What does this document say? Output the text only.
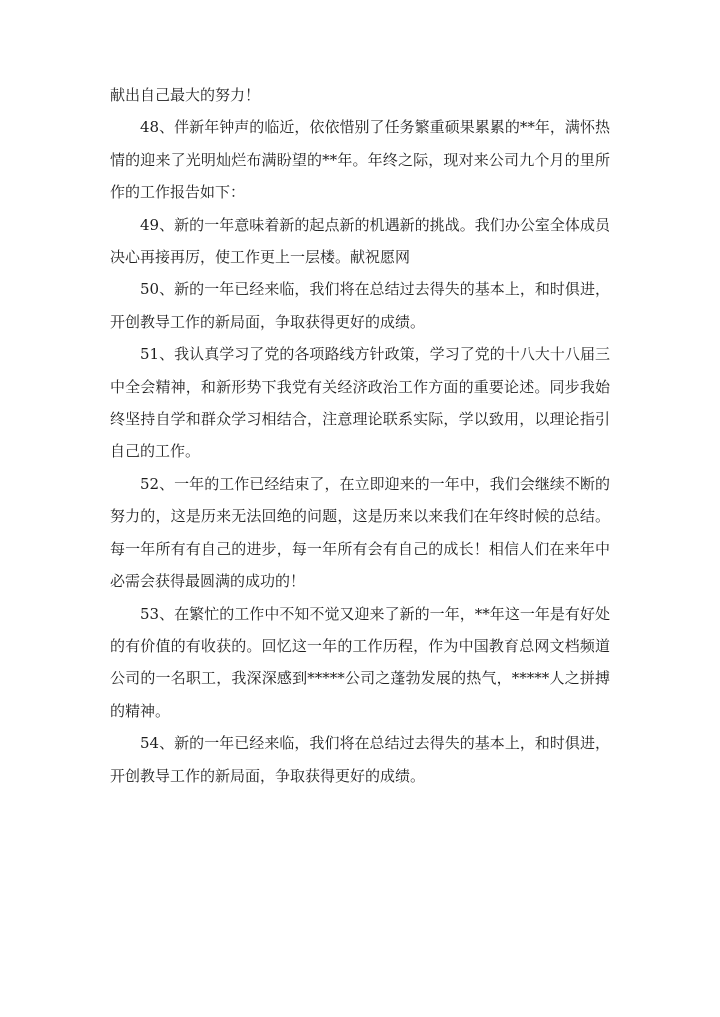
献出自己最大的努力！

48、伴新年钟声的临近，依依惜别了任务繁重硕果累累的**年，满怀热情的迎来了光明灿烂布满盼望的**年。年终之际，现对来公司九个月的里所作的工作报告如下：

49、新的一年意味着新的起点新的机遇新的挑战。我们办公室全体成员决心再接再厉，使工作更上一层楼。献祝愿网

50、新的一年已经来临，我们将在总结过去得失的基本上，和时俱进，开创教导工作的新局面，争取获得更好的成绩。

51、我认真学习了党的各项路线方针政策，学习了党的十八大十八届三中全会精神，和新形势下我党有关经济政治工作方面的重要论述。同步我始终坚持自学和群众学习相结合，注意理论联系实际，学以致用，以理论指引自己的工作。

52、一年的工作已经结束了，在立即迎来的一年中，我们会继续不断的努力的，这是历来无法回绝的问题，这是历来以来我们在年终时候的总结。每一年所有有自己的进步，每一年所有会有自己的成长！相信人们在来年中必需会获得最圆满的成功的！

53、在繁忙的工作中不知不觉又迎来了新的一年，**年这一年是有好处的有价值的有收获的。回忆这一年的工作历程，作为中国教育总网文档频道公司的一名职工，我深深感到*****公司之蓬勃发展的热气，*****人之拼搏的精神。

54、新的一年已经来临，我们将在总结过去得失的基本上，和时俱进，开创教导工作的新局面，争取获得更好的成绩。
